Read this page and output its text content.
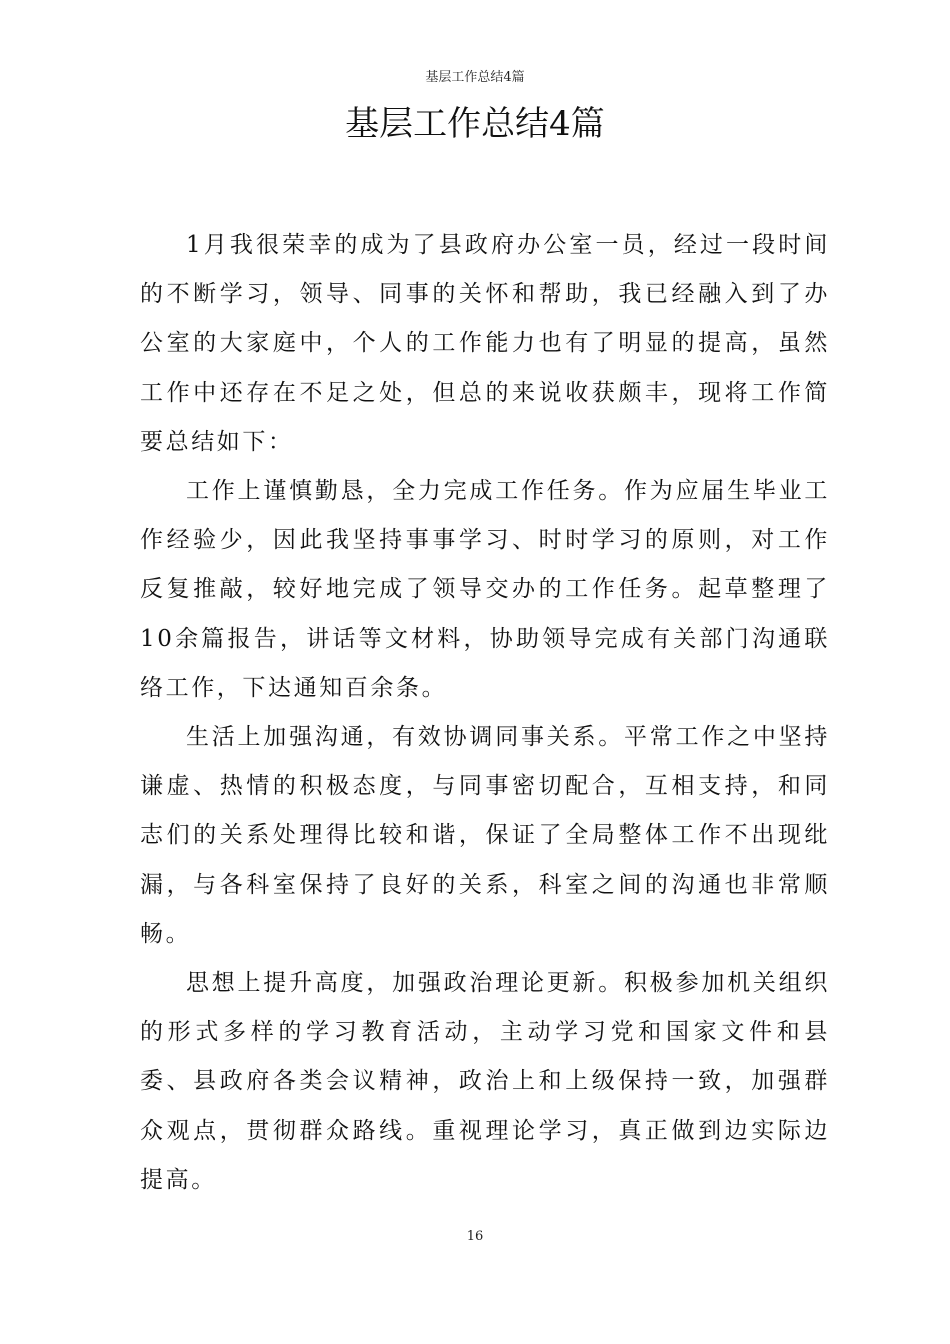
基层工作总结4篇
基层工作总结4篇

1月我很荣幸的成为了县政府办公室一员，经过一段时间的不断学习，领导、同事的关怀和帮助，我已经融入到了办公室的大家庭中，个人的工作能力也有了明显的提高，虽然工作中还存在不足之处，但总的来说收获颇丰，现将工作简要总结如下：

工作上谨慎勤恳，全力完成工作任务。作为应届生毕业工作经验少，因此我坚持事事学习、时时学习的原则，对工作反复推敲，较好地完成了领导交办的工作任务。起草整理了 10余篇报告，讲话等文材料，协助领导完成有关部门沟通联络工作，下达通知百余条。

生活上加强沟通，有效协调同事关系。平常工作之中坚持谦虚、热情的积极态度，与同事密切配合，互相支持，和同志们的关系处理得比较和谐，保证了全局整体工作不出现纰漏，与各科室保持了良好的关系，科室之间的沟通也非常顺畅。

思想上提升高度，加强政治理论更新。积极参加机关组织的形式多样的学习教育活动，主动学习党和国家文件和县委、县政府各类会议精神，政治上和上级保持一致，加强群众观点，贯彻群众路线。重视理论学习，真正做到边实际边提高。

16
